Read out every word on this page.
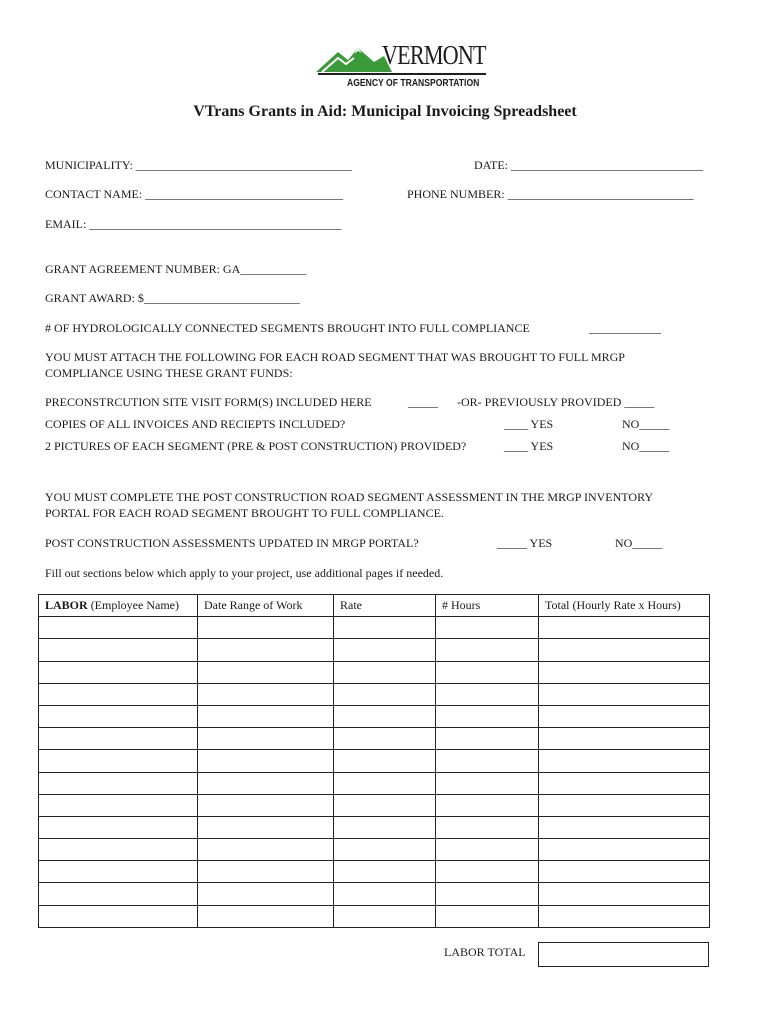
VERMONT
AGENCY OF TRANSPORTATION
VTrans Grants in Aid: Municipal Invoicing Spreadsheet
MUNICIPALITY: ____________________________________	DATE: ________________________________
CONTACT NAME: _________________________________	PHONE NUMBER: _______________________________
EMAIL: __________________________________________
GRANT AGREEMENT NUMBER: GA___________
GRANT AWARD: $__________________________
# OF HYDROLOGICALLY CONNECTED SEGMENTS BROUGHT INTO FULL COMPLIANCE	____________
YOU MUST ATTACH THE FOLLOWING FOR EACH ROAD SEGMENT THAT WAS BROUGHT TO FULL MRGP
COMPLIANCE USING THESE GRANT FUNDS:
PRECONSTRCUTION SITE VISIT FORM(S) INCLUDED HERE	_____ -OR- PREVIOUSLY PROVIDED _____
COPIES OF ALL INVOICES AND RECIEPTS INCLUDED?	____ YES	NO_____
2 PICTURES OF EACH SEGMENT (PRE & POST CONSTRUCTION) PROVIDED?	____ YES	NO_____
YOU MUST COMPLETE THE POST CONSTRUCTION ROAD SEGMENT ASSESSMENT IN THE MRGP INVENTORY
PORTAL FOR EACH ROAD SEGMENT BROUGHT TO FULL COMPLIANCE.
POST CONSTRUCTION ASSESSMENTS UPDATED IN MRGP PORTAL?	_____ YES	NO_____
Fill out sections below which apply to your project, use additional pages if needed.
LABOR (Employee Name)	Date Range of Work	Rate	# Hours	Total (Hourly Rate x Hours)

LABOR TOTAL
